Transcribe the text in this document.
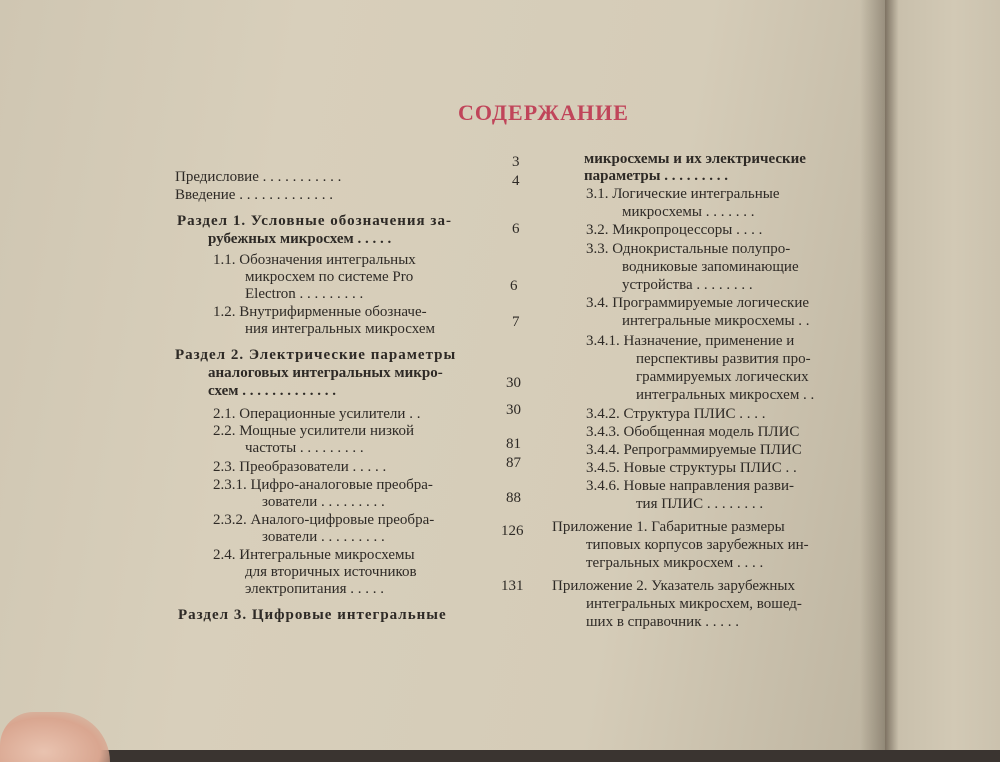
СОДЕРЖАНИЕ
Предисловие . . . . . . . . . . .
Введение . . . . . . . . . . . . .
Раздел 1. Условные обозначения за-
рубежных микросхем . . . . .
1.1. Обозначения интегральных
микросхем по системе Pro
Electron . . . . . . . . .
1.2. Внутрифирменные обозначе-
ния интегральных микросхем
Раздел 2. Электрические параметры
аналоговых интегральных микро-
схем . . . . . . . . . . . . .
2.1. Операционные усилители . .
2.2. Мощные усилители низкой
частоты . . . . . . . . .
2.3. Преобразователи . . . . .
2.3.1. Цифро-аналоговые преобра-
зователи . . . . . . . . .
2.3.2. Аналого-цифровые преобра-
зователи . . . . . . . . .
2.4. Интегральные микросхемы
для вторичных источников
электропитания . . . . .
Раздел 3. Цифровые интегральные
3
4
6
6
7
30
30
81
87
88
126
131
микросхемы и их электрические
параметры . . . . . . . . .
3.1. Логические интегральные
микросхемы . . . . . . .
3.2. Микропроцессоры . . . .
3.3. Однокристальные полупро-
водниковые запоминающие
устройства . . . . . . . .
3.4. Программируемые логические
интегральные микросхемы . .
3.4.1. Назначение, применение и
перспективы развития про-
граммируемых логических
интегральных микросхем . .
3.4.2. Структура ПЛИС . . . .
3.4.3. Обобщенная модель ПЛИС
3.4.4. Репрограммируемые ПЛИС
3.4.5. Новые структуры ПЛИС . .
3.4.6. Новые направления разви-
тия ПЛИС . . . . . . . .
Приложение 1. Габаритные размеры
типовых корпусов зарубежных ин-
тегральных микросхем . . . .
Приложение 2. Указатель зарубежных
интегральных микросхем, вошед-
ших в справочник . . . . .
